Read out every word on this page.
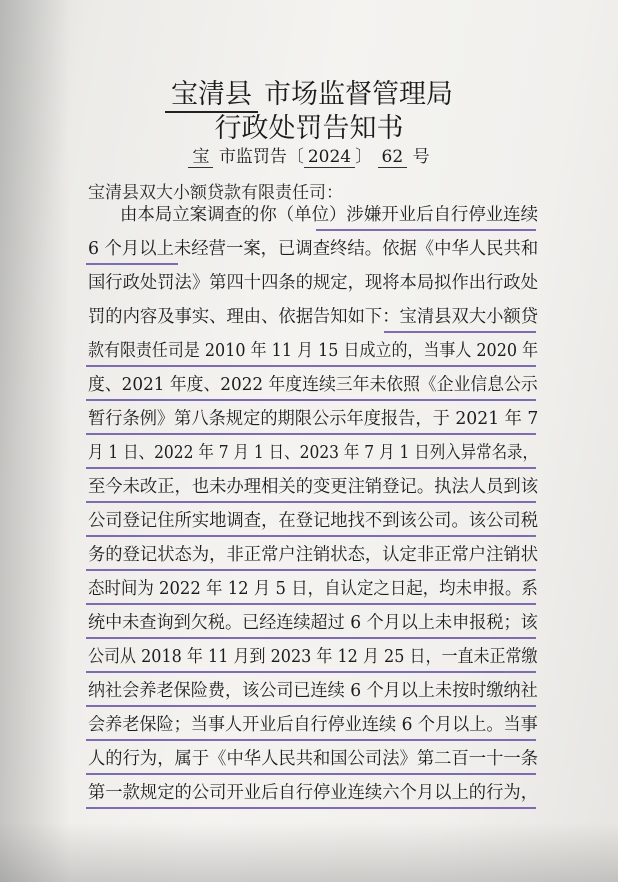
宝清县 市场监督管理局
行政处罚告知书
宝 市监罚告〔 2024 〕 62 号
宝清县双大小额贷款有限责任司：
由本局立案调查的你（单位）涉嫌开业后自行停业连续
6 个月以上未经营一案，已调查终结。依据《中华人民共和
国行政处罚法》第四十四条的规定，现将本局拟作出行政处
罚的内容及事实、理由、依据告知如下：宝清县双大小额贷
款有限责任司是 2010 年 11 月 15 日成立的，当事人 2020 年
度、2021 年度、2022 年度连续三年未依照《企业信息公示
暂行条例》第八条规定的期限公示年度报告，于 2021 年 7
月 1 日、2022 年 7 月 1 日、2023 年 7 月 1 日列入异常名录，
至今未改正，也未办理相关的变更注销登记。执法人员到该
公司登记住所实地调查，在登记地找不到该公司。该公司税
务的登记状态为，非正常户注销状态，认定非正常户注销状
态时间为 2022 年 12 月 5 日，自认定之日起，均未申报。系
统中未查询到欠税。已经连续超过 6 个月以上未申报税；该
公司从 2018 年 11 月到 2023 年 12 月 25 日，一直未正常缴
纳社会养老保险费，该公司已连续 6 个月以上未按时缴纳社
会养老保险；当事人开业后自行停业连续 6 个月以上。当事
人的行为，属于《中华人民共和国公司法》第二百一十一条
第一款规定的公司开业后自行停业连续六个月以上的行为，
